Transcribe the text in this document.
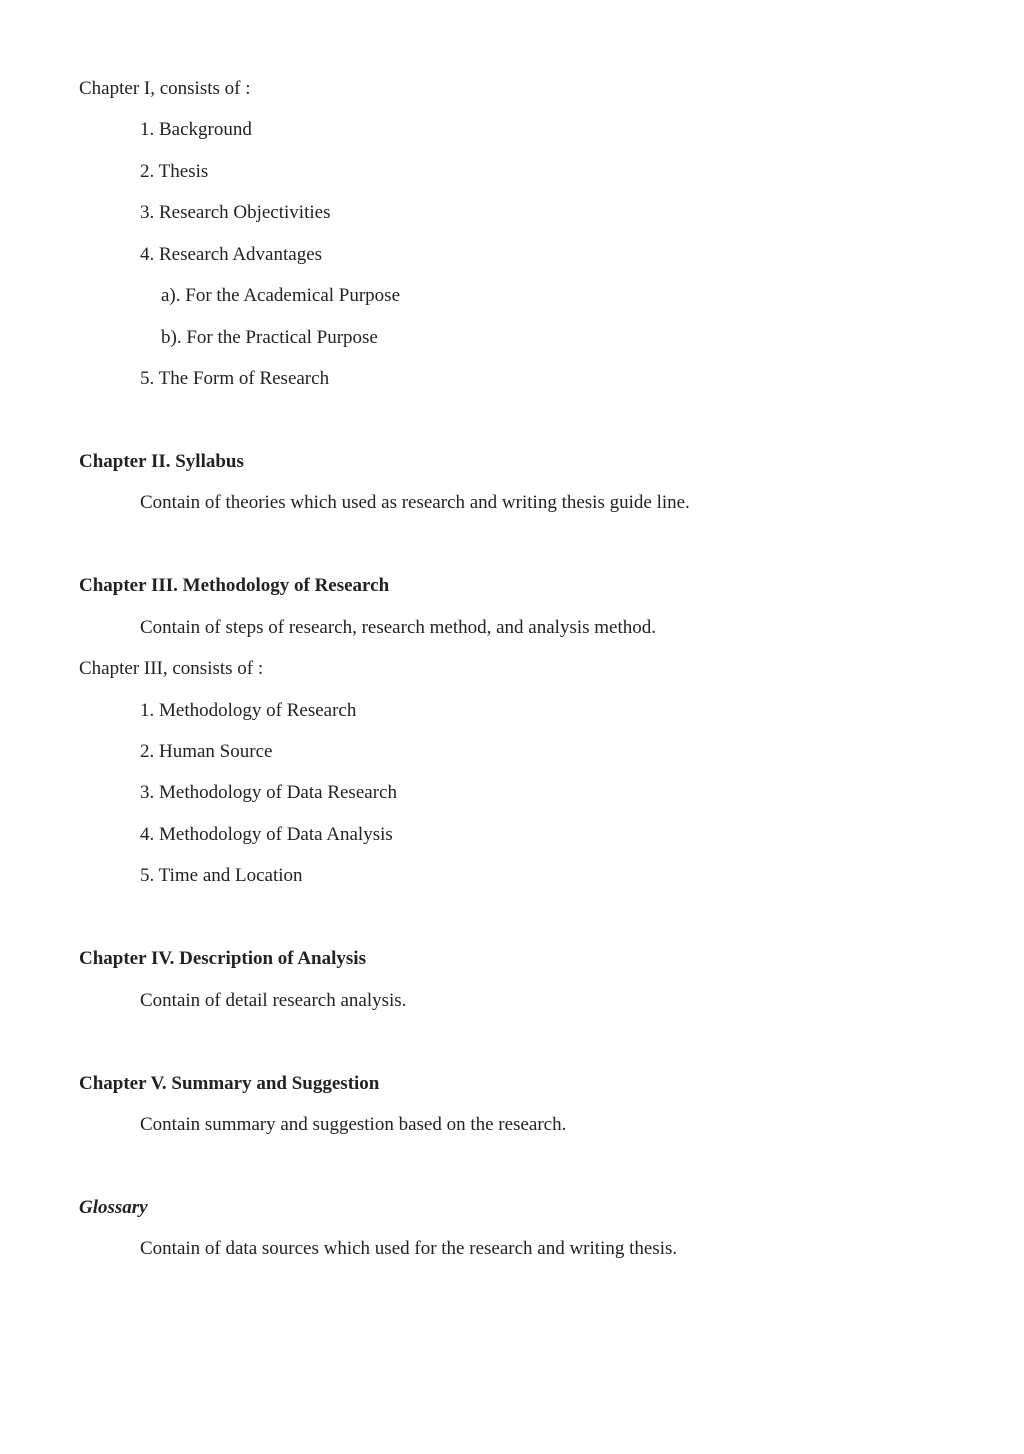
Chapter I, consists of :
1. Background
2. Thesis
3. Research Objectivities
4. Research Advantages
a). For the Academical Purpose
b). For the Practical Purpose
5. The Form of Research
Chapter II. Syllabus
Contain of theories which used as research and writing thesis guide line.
Chapter III. Methodology of Research
Contain of steps of research, research method, and analysis method.
Chapter III, consists of :
1. Methodology of Research
2. Human Source
3. Methodology of Data Research
4. Methodology of Data Analysis
5. Time and Location
Chapter IV. Description of Analysis
Contain of detail research analysis.
Chapter V. Summary and Suggestion
Contain summary and suggestion based on the research.
Glossary
Contain of data sources which used for the research and writing thesis.
